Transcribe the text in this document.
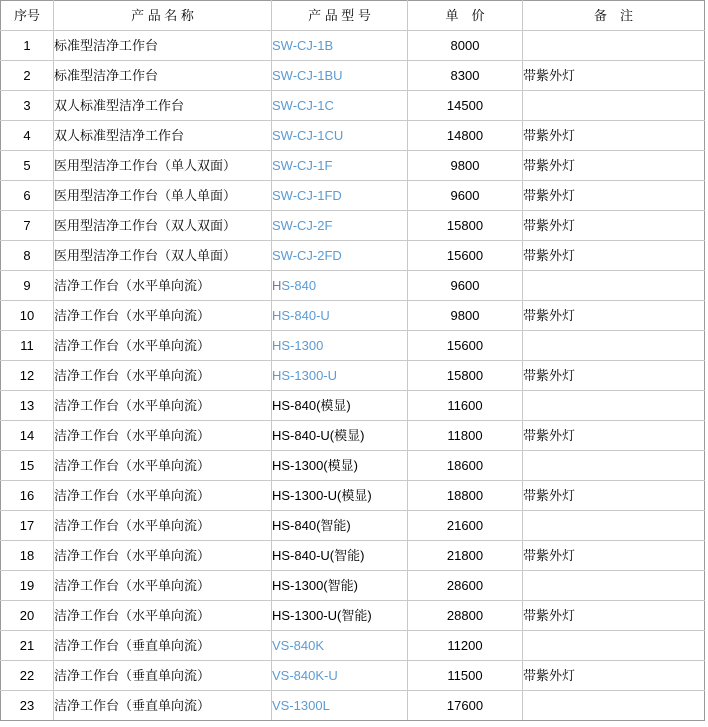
序号	产 品 名 称	产 品 型 号	单　价	备　注
1	标准型洁净工作台	SW-CJ-1B	8000	
2	标准型洁净工作台	SW-CJ-1BU	8300	带紫外灯
3	双人标准型洁净工作台	SW-CJ-1C	14500	
4	双人标准型洁净工作台	SW-CJ-1CU	14800	带紫外灯
5	医用型洁净工作台（单人双面）	SW-CJ-1F	9800	带紫外灯
6	医用型洁净工作台（单人单面）	SW-CJ-1FD	9600	带紫外灯
7	医用型洁净工作台（双人双面）	SW-CJ-2F	15800	带紫外灯
8	医用型洁净工作台（双人单面）	SW-CJ-2FD	15600	带紫外灯
9	洁净工作台（水平单向流）	HS-840	9600	
10	洁净工作台（水平单向流）	HS-840-U	9800	带紫外灯
11	洁净工作台（水平单向流）	HS-1300	15600	
12	洁净工作台（水平单向流）	HS-1300-U	15800	带紫外灯
13	洁净工作台（水平单向流）	HS-840(模显)	11600	
14	洁净工作台（水平单向流）	HS-840-U(模显)	11800	带紫外灯
15	洁净工作台（水平单向流）	HS-1300(模显)	18600	
16	洁净工作台（水平单向流）	HS-1300-U(模显)	18800	带紫外灯
17	洁净工作台（水平单向流）	HS-840(智能)	21600	
18	洁净工作台（水平单向流）	HS-840-U(智能)	21800	带紫外灯
19	洁净工作台（水平单向流）	HS-1300(智能)	28600	
20	洁净工作台（水平单向流）	HS-1300-U(智能)	28800	带紫外灯
21	洁净工作台（垂直单向流）	VS-840K	11200	
22	洁净工作台（垂直单向流）	VS-840K-U	11500	带紫外灯
23	洁净工作台（垂直单向流）	VS-1300L	17600	
